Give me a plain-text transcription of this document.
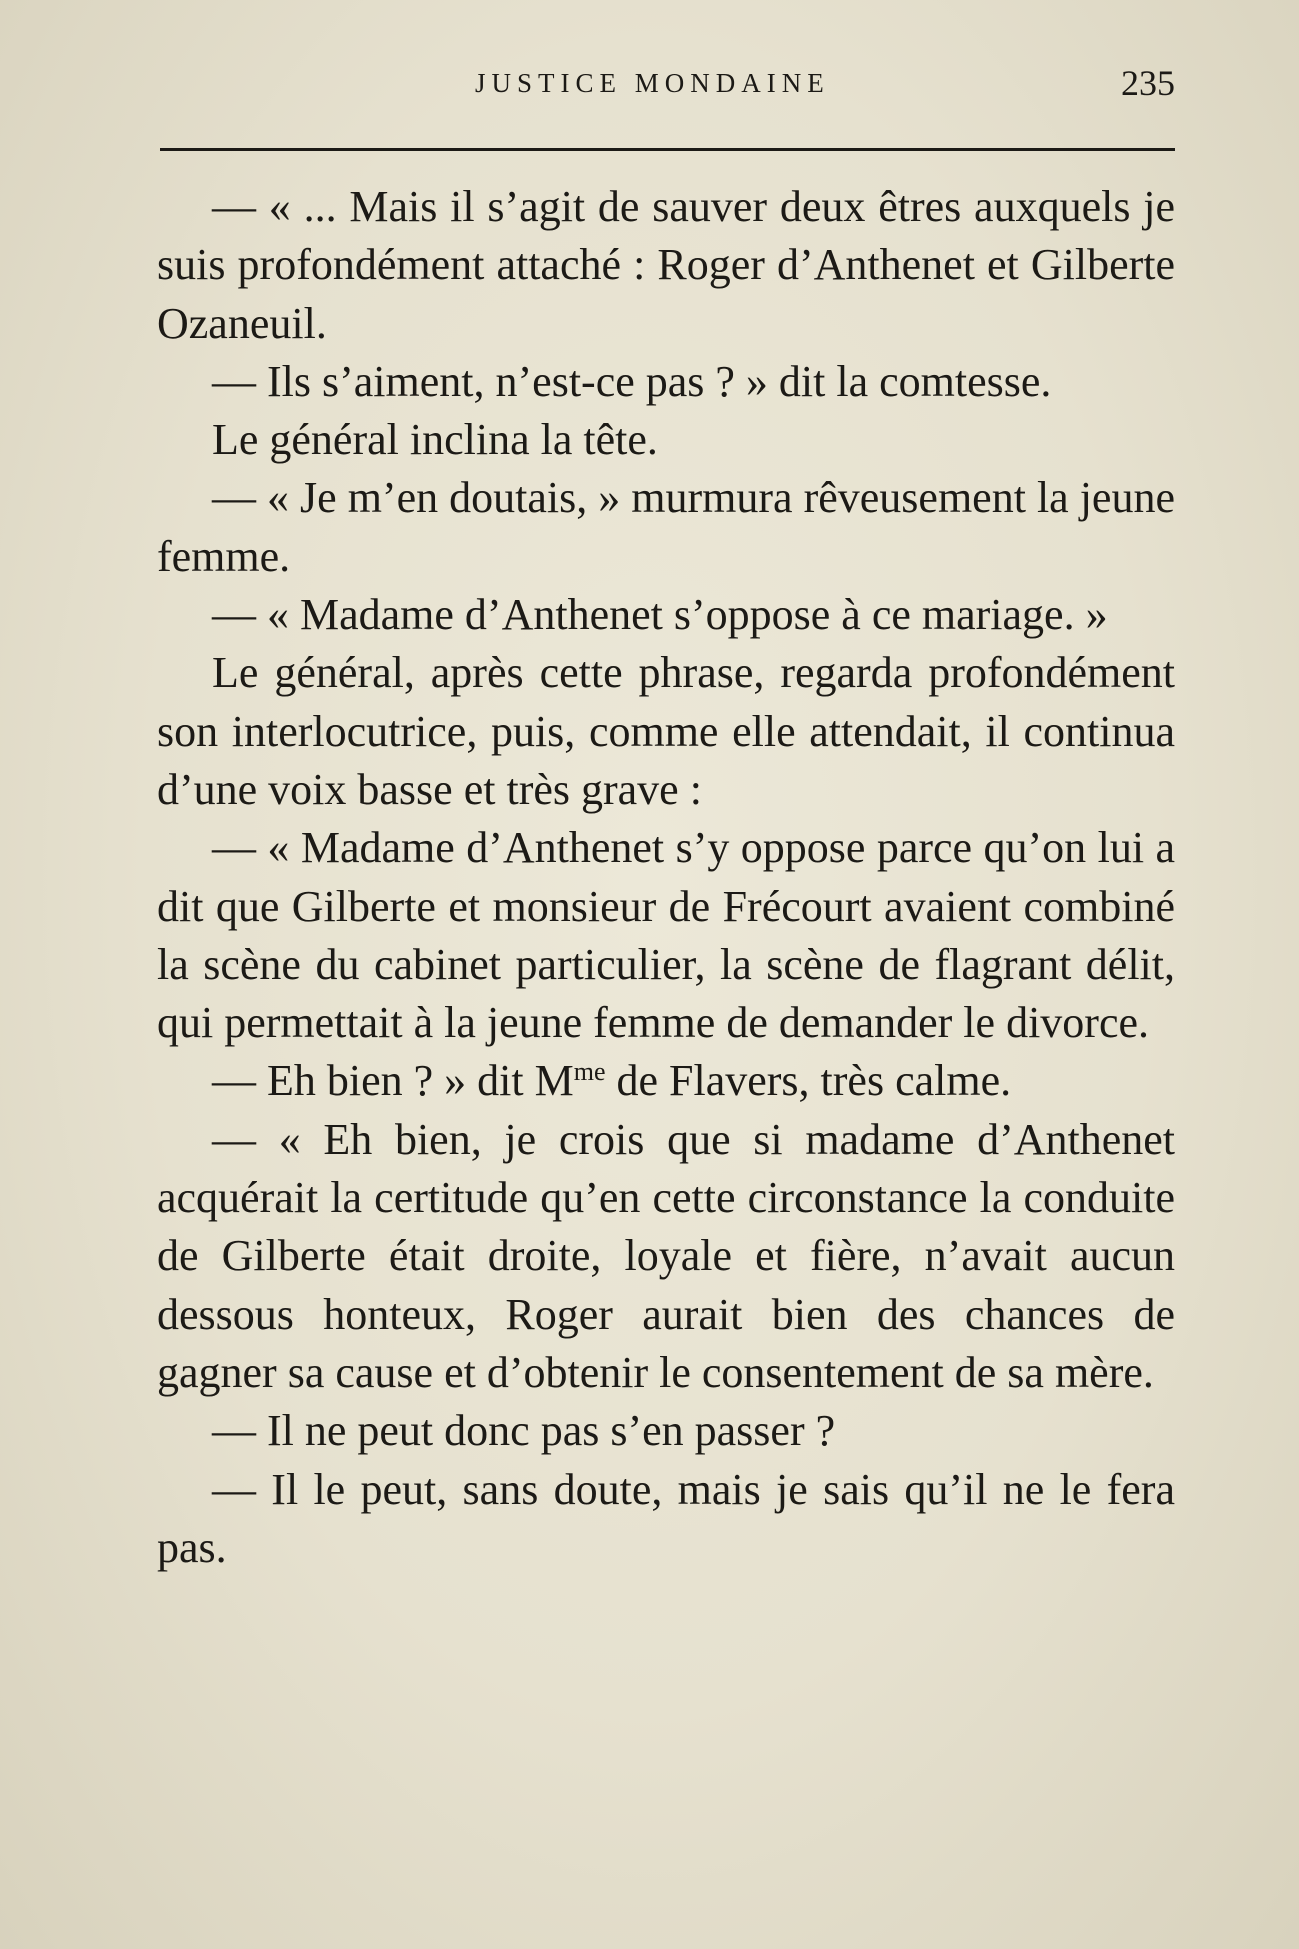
JUSTICE MONDAINE	235

— « ... Mais il s’agit de sauver deux êtres auxquels je suis profondément attaché : Roger d’Anthenet et Gilberte Ozaneuil.

— Ils s’aiment, n’est-ce pas ? » dit la comtesse.

Le général inclina la tête.

— « Je m’en doutais, » murmura rêveusement la jeune femme.

— « Madame d’Anthenet s’oppose à ce mariage. »

Le général, après cette phrase, regarda profondément son interlocutrice, puis, comme elle attendait, il continua d’une voix basse et très grave :

— « Madame d’Anthenet s’y oppose parce qu’on lui a dit que Gilberte et monsieur de Frécourt avaient combiné la scène du cabinet particulier, la scène de flagrant délit, qui permettait à la jeune femme de demander le divorce.

— Eh bien ? » dit $M^{me}$ de Flavers, très calme.

— « Eh bien, je crois que si madame d’Anthenet acquérait la certitude qu’en cette circonstance la conduite de Gilberte était droite, loyale et fière, n’avait aucun dessous honteux, Roger aurait bien des chances de gagner sa cause et d’obtenir le consentement de sa mère.

— Il ne peut donc pas s’en passer ?

— Il le peut, sans doute, mais je sais qu’il ne le fera pas.
